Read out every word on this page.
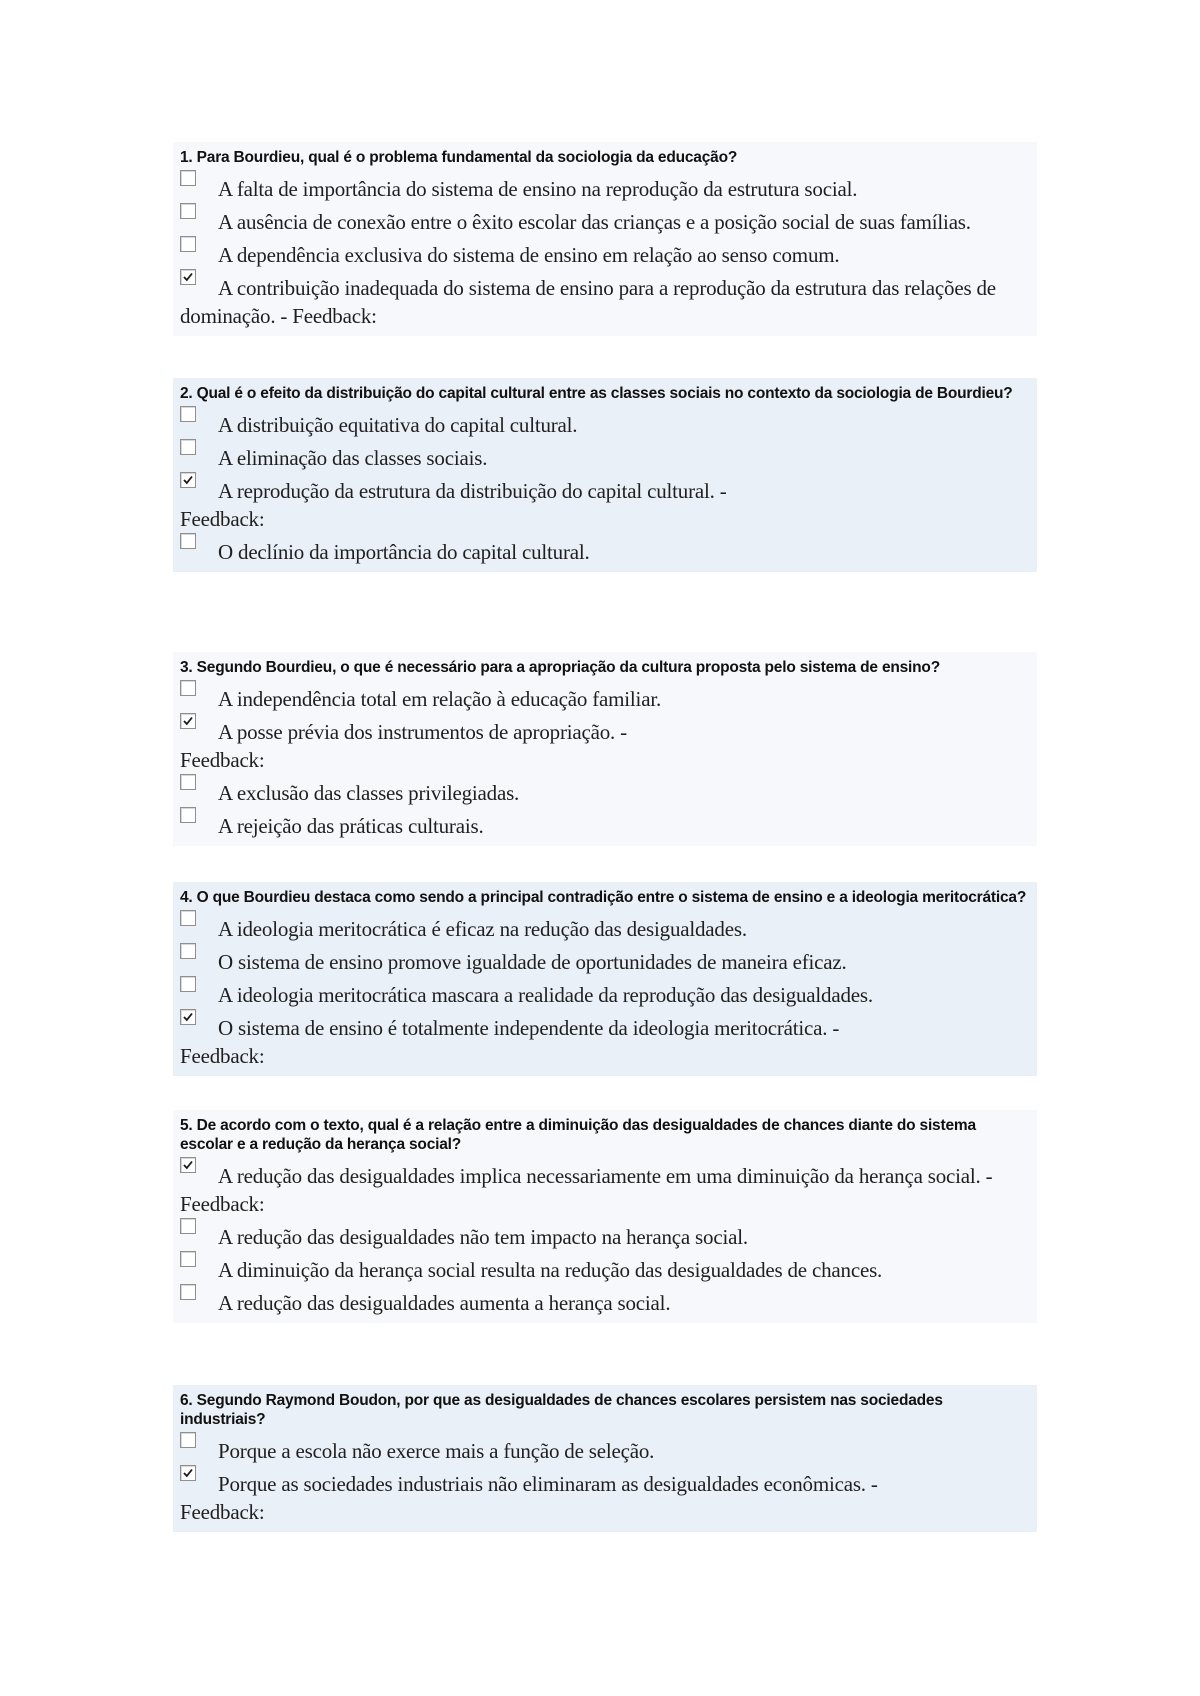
1. Para Bourdieu, qual é o problema fundamental da sociologia da educação?
A falta de importância do sistema de ensino na reprodução da estrutura social.
A ausência de conexão entre o êxito escolar das crianças e a posição social de suas famílias.
A dependência exclusiva do sistema de ensino em relação ao senso comum.
A contribuição inadequada do sistema de ensino para a reprodução da estrutura das relações de dominação. - Feedback:
2. Qual é o efeito da distribuição do capital cultural entre as classes sociais no contexto da sociologia de Bourdieu?
A distribuição equitativa do capital cultural.
A eliminação das classes sociais.
A reprodução da estrutura da distribuição do capital cultural. -
Feedback:
O declínio da importância do capital cultural.
3. Segundo Bourdieu, o que é necessário para a apropriação da cultura proposta pelo sistema de ensino?
A independência total em relação à educação familiar.
A posse prévia dos instrumentos de apropriação. -
Feedback:
A exclusão das classes privilegiadas.
A rejeição das práticas culturais.
4. O que Bourdieu destaca como sendo a principal contradição entre o sistema de ensino e a ideologia meritocrática?
A ideologia meritocrática é eficaz na redução das desigualdades.
O sistema de ensino promove igualdade de oportunidades de maneira eficaz.
A ideologia meritocrática mascara a realidade da reprodução das desigualdades.
O sistema de ensino é totalmente independente da ideologia meritocrática. -
Feedback:
5. De acordo com o texto, qual é a relação entre a diminuição das desigualdades de chances diante do sistema escolar e a redução da herança social?
A redução das desigualdades implica necessariamente em uma diminuição da herança social. - Feedback:
A redução das desigualdades não tem impacto na herança social.
A diminuição da herança social resulta na redução das desigualdades de chances.
A redução das desigualdades aumenta a herança social.
6. Segundo Raymond Boudon, por que as desigualdades de chances escolares persistem nas sociedades industriais?
Porque a escola não exerce mais a função de seleção.
Porque as sociedades industriais não eliminaram as desigualdades econômicas. -
Feedback:
